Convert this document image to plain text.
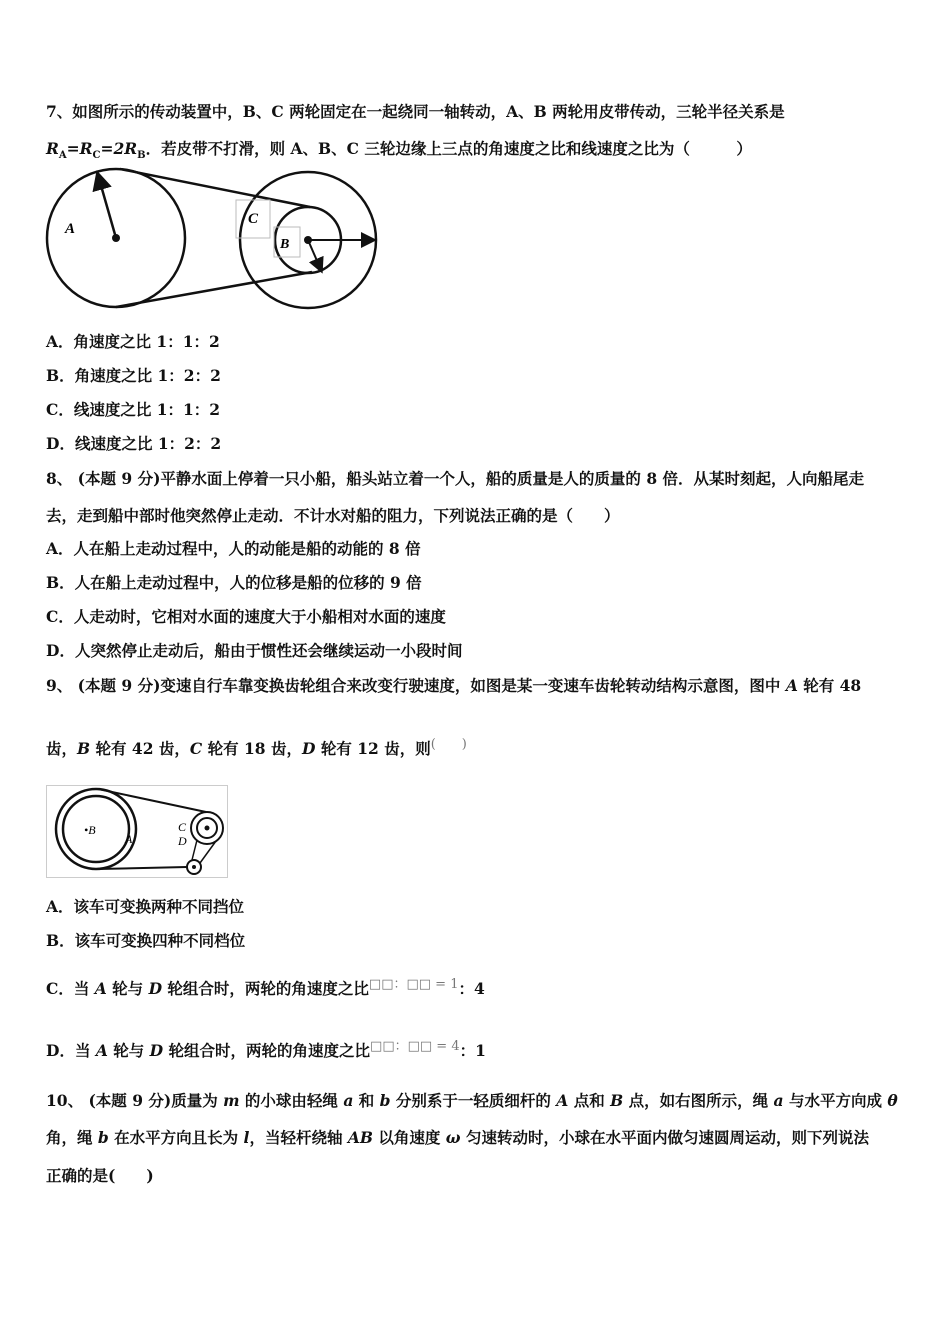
7、如图所示的传动装置中，B、C 两轮固定在一起绕同一轴转动，A、B 两轮用皮带传动，三轮半径关系是
$R_A=R_C=2R_B$．若皮带不打滑，则 A、B、C 三轮边缘上三点的角速度之比和线速度之比为（　　　）
A
C
B
A．角速度之比 1：1：2
B．角速度之比 1：2：2
C．线速度之比 1：1：2
D．线速度之比 1：2：2
8、 (本题 9 分)平静水面上停着一只小船，船头站立着一个人，船的质量是人的质量的 8 倍．从某时刻起，人向船尾走
去，走到船中部时他突然停止走动．不计水对船的阻力，下列说法正确的是（　　）
A．人在船上走动过程中，人的动能是船的动能的 8 倍
B．人在船上走动过程中，人的位移是船的位移的 9 倍
C．人走动时，它相对水面的速度大于小船相对水面的速度
D．人突然停止走动后，船由于惯性还会继续运动一小段时间
9、 (本题 9 分)变速自行车靠变换齿轮组合来改变行驶速度，如图是某一变速车齿轮转动结构示意图，图中 A 轮有 48
齿，B 轮有 42 齿，C 轮有 18 齿，D 轮有 12 齿，则(　　)
•B
A
C
D
A．该车可变换两种不同挡位
B．该车可变换四种不同档位
C．当 A 轮与 D 轮组合时，两轮的角速度之比$^{□□:□□ = 1}$：4
D．当 A 轮与 D 轮组合时，两轮的角速度之比$^{□□:□□ = 4}$：1
10、 (本题 9 分)质量为 m 的小球由轻绳 a 和 b 分别系于一轻质细杆的 A 点和 B 点，如右图所示，绳 a 与水平方向成 θ
角，绳 b 在水平方向且长为 l，当轻杆绕轴 AB 以角速度 ω 匀速转动时，小球在水平面内做匀速圆周运动，则下列说法
正确的是(　　)
